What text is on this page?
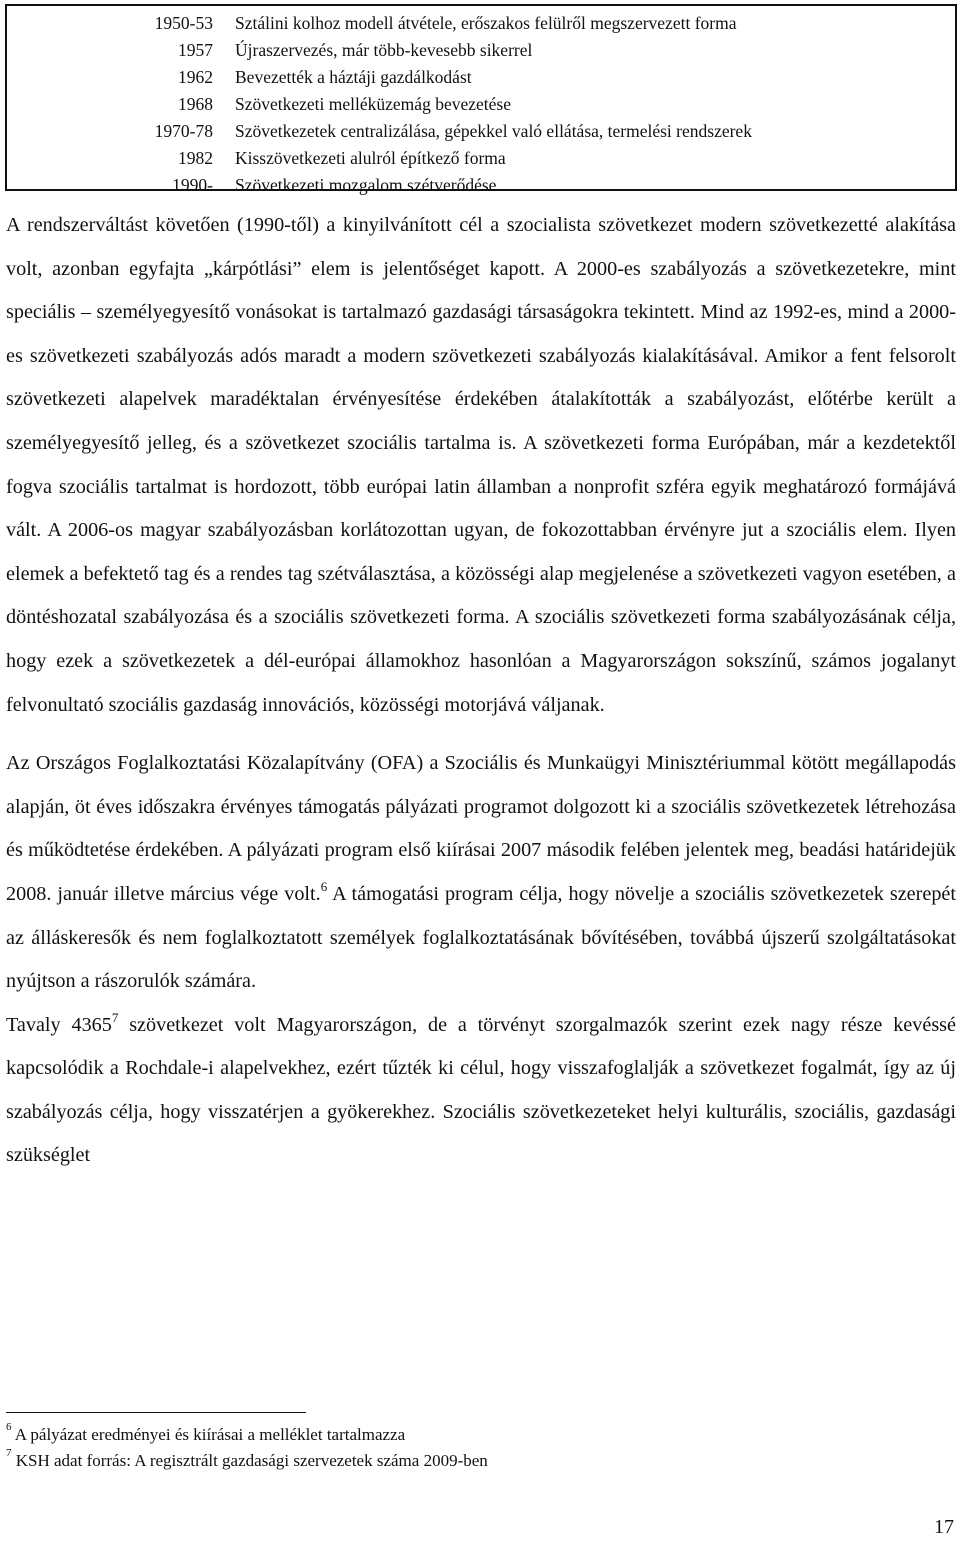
1950-53	Sztálini kolhoz modell átvétele, erőszakos felülről megszervezett forma
1957	Újraszervezés, már több-kevesebb sikerrel
1962	Bevezették a háztáji gazdálkodást
1968	Szövetkezeti melléküzemág bevezetése
1970-78	Szövetkezetek centralizálása, gépekkel való ellátása, termelési rendszerek
1982	Kisszövetkezeti alulról építkező forma
1990-	Szövetkezeti mozgalom szétverődése

A rendszerváltást követően (1990-től) a kinyilvánított cél a szocialista szövetkezet modern szövetkezetté alakítása volt, azonban egyfajta „kárpótlási” elem is jelentőséget kapott. A 2000-es szabályozás a szövetkezetekre, mint speciális – személyegyesítő vonásokat is tartalmazó gazdasági társaságokra tekintett. Mind az 1992-es, mind a 2000-es szövetkezeti szabályozás adós maradt a modern szövetkezeti szabályozás kialakításával. Amikor a fent felsorolt szövetkezeti alapelvek maradéktalan érvényesítése érdekében átalakították a szabályozást, előtérbe került a személyegyesítő jelleg, és a szövetkezet szociális tartalma is. A szövetkezeti forma Európában, már a kezdetektől fogva szociális tartalmat is hordozott, több európai latin államban a nonprofit szféra egyik meghatározó formájává vált. A 2006-os magyar szabályozásban korlátozottan ugyan, de fokozottabban érvényre jut a szociális elem. Ilyen elemek a befektető tag és a rendes tag szétválasztása, a közösségi alap megjelenése a szövetkezeti vagyon esetében, a döntéshozatal szabályozása és a szociális szövetkezeti forma. A szociális szövetkezeti forma szabályozásának célja, hogy ezek a szövetkezetek a dél-európai államokhoz hasonlóan a Magyarországon sokszínű, számos jogalanyt felvonultató szociális gazdaság innovációs, közösségi motorjává váljanak.

Az Országos Foglalkoztatási Közalapítvány (OFA) a Szociális és Munkaügyi Minisztériummal kötött megállapodás alapján, öt éves időszakra érvényes támogatás pályázati programot dolgozott ki a szociális szövetkezetek létrehozása és működtetése érdekében. A pályázati program első kiírásai 2007 második felében jelentek meg, beadási határidejük 2008. január illetve március vége volt.$^6$ A támogatási program célja, hogy növelje a szociális szövetkezetek szerepét az álláskeresők és nem foglalkoztatott személyek foglalkoztatásának bővítésében, továbbá újszerű szolgáltatásokat nyújtson a rászorulók számára.

Tavaly 4365$^7$ szövetkezet volt Magyarországon, de a törvényt szorgalmazók szerint ezek nagy része kevéssé kapcsolódik a Rochdale-i alapelvekhez, ezért tűzték ki célul, hogy visszafoglalják a szövetkezet fogalmát, így az új szabályozás célja, hogy visszatérjen a gyökerekhez. Szociális szövetkezeteket helyi kulturális, szociális, gazdasági szükséglet

$^6$ A pályázat eredményei és kiírásai a melléklet tartalmazza
$^7$ KSH adat forrás: A regisztrált gazdasági szervezetek száma 2009-ben
17
